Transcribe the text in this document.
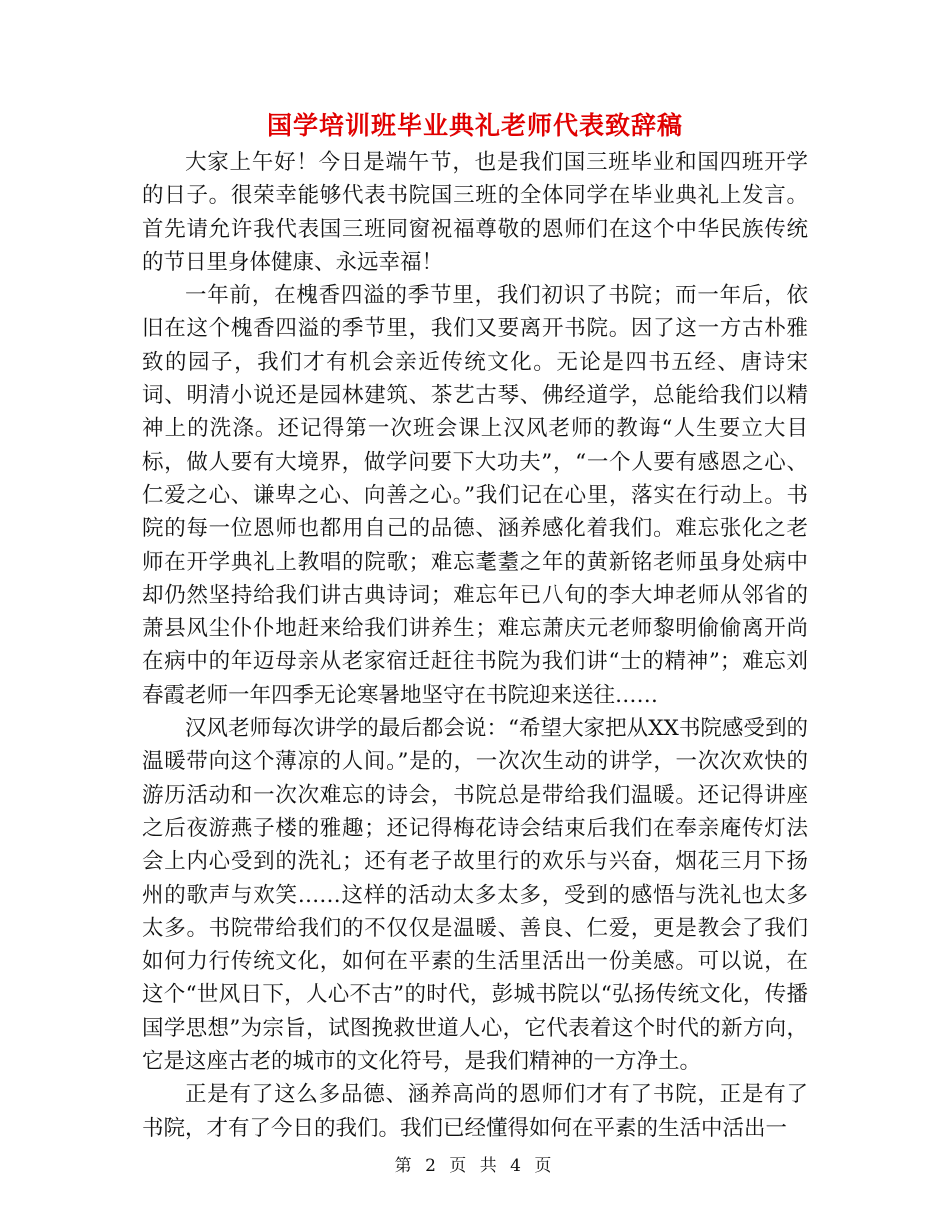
国学培训班毕业典礼老师代表致辞稿

大家上午好！今日是端午节，也是我们国三班毕业和国四班开学的日子。很荣幸能够代表书院国三班的全体同学在毕业典礼上发言。首先请允许我代表国三班同窗祝福尊敬的恩师们在这个中华民族传统的节日里身体健康、永远幸福！

一年前，在槐香四溢的季节里，我们初识了书院；而一年后，依旧在这个槐香四溢的季节里，我们又要离开书院。因了这一方古朴雅致的园子，我们才有机会亲近传统文化。无论是四书五经、唐诗宋词、明清小说还是园林建筑、茶艺古琴、佛经道学，总能给我们以精神上的洗涤。还记得第一次班会课上汉风老师的教诲“人生要立大目标，做人要有大境界，做学问要下大功夫”，“一个人要有感恩之心、仁爱之心、谦卑之心、向善之心。”我们记在心里，落实在行动上。书院的每一位恩师也都用自己的品德、涵养感化着我们。难忘张化之老师在开学典礼上教唱的院歌；难忘耄耋之年的黄新铭老师虽身处病中却仍然坚持给我们讲古典诗词；难忘年已八旬的李大坤老师从邻省的萧县风尘仆仆地赶来给我们讲养生；难忘萧庆元老师黎明偷偷离开尚在病中的年迈母亲从老家宿迁赶往书院为我们讲“士的精神”；难忘刘春霞老师一年四季无论寒暑地坚守在书院迎来送往……

汉风老师每次讲学的最后都会说：“希望大家把从XX书院感受到的温暖带向这个薄凉的人间。”是的，一次次生动的讲学，一次次欢快的游历活动和一次次难忘的诗会，书院总是带给我们温暖。还记得讲座之后夜游燕子楼的雅趣；还记得梅花诗会结束后我们在奉亲庵传灯法会上内心受到的洗礼；还有老子故里行的欢乐与兴奋，烟花三月下扬州的歌声与欢笑……这样的活动太多太多，受到的感悟与洗礼也太多太多。书院带给我们的不仅仅是温暖、善良、仁爱，更是教会了我们如何力行传统文化，如何在平素的生活里活出一份美感。可以说，在这个“世风日下，人心不古”的时代，彭城书院以“弘扬传统文化，传播国学思想”为宗旨，试图挽救世道人心，它代表着这个时代的新方向，它是这座古老的城市的文化符号，是我们精神的一方净土。

正是有了这么多品德、涵养高尚的恩师们才有了书院，正是有了书院，才有了今日的我们。我们已经懂得如何在平素的生活中活出一

第 2 页 共 4 页
